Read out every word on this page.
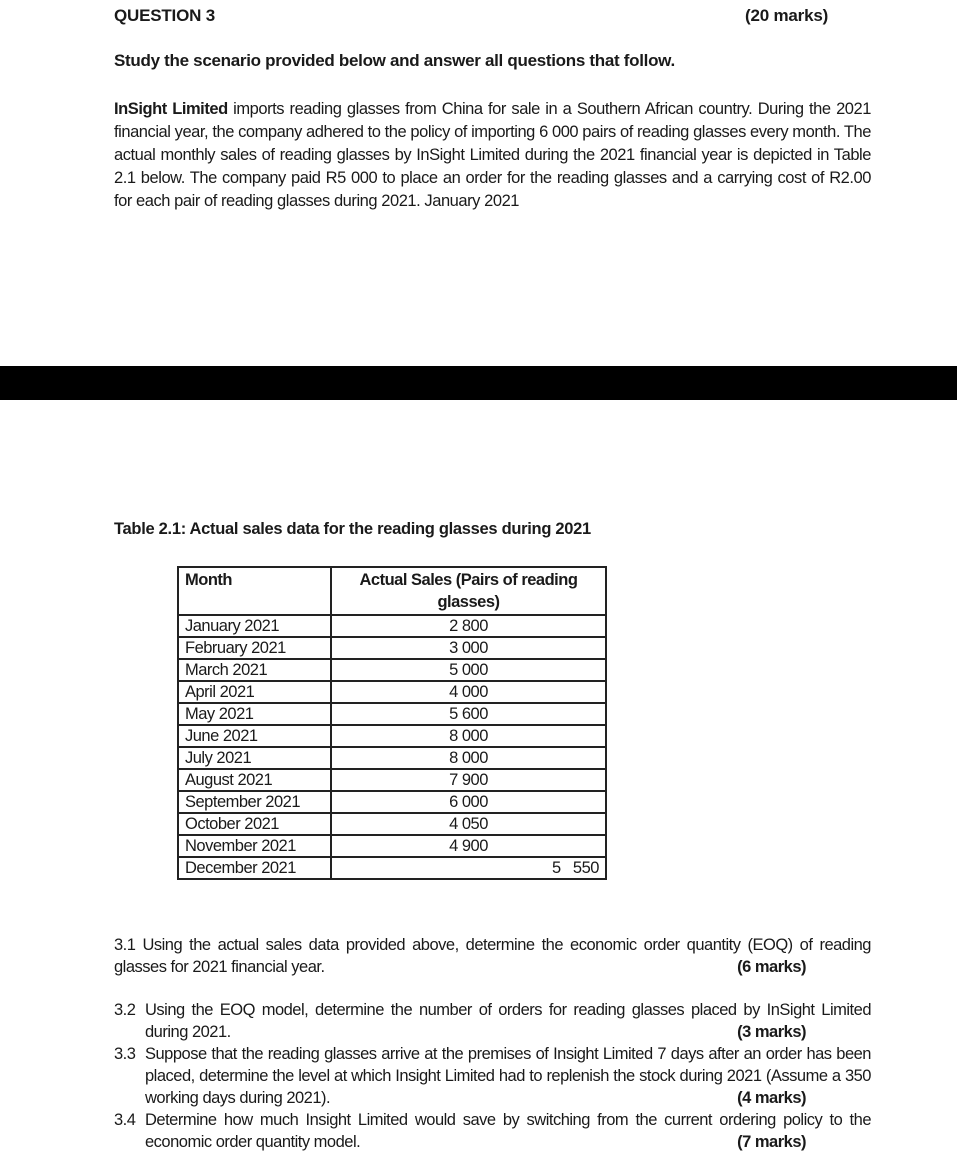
QUESTION 3	(20 marks)
Study the scenario provided below and answer all questions that follow.
InSight Limited imports reading glasses from China for sale in a Southern African country. During the 2021 financial year, the company adhered to the policy of importing 6 000 pairs of reading glasses every month. The actual monthly sales of reading glasses by InSight Limited during the 2021 financial year is depicted in Table 2.1 below. The company paid R5 000 to place an order for the reading glasses and a carrying cost of R2.00 for each pair of reading glasses during 2021. January 2021
Table 2.1: Actual sales data for the reading glasses during 2021
Month	Actual Sales (Pairs of reading glasses)
January 2021	2 800
February 2021	3 000
March 2021	5 000
April 2021	4 000
May 2021	5 600
June 2021	8 000
July 2021	8 000
August 2021	7 900
September 2021	6 000
October 2021	4 050
November 2021	4 900
December 2021	5   550
3.1 Using the actual sales data provided above, determine the economic order quantity (EOQ) of reading glasses for 2021 financial year.	(6 marks)
3.2 Using the EOQ model, determine the number of orders for reading glasses placed by InSight Limited during 2021.	(3 marks)
3.3 Suppose that the reading glasses arrive at the premises of Insight Limited 7 days after an order has been placed, determine the level at which Insight Limited had to replenish the stock during 2021 (Assume a 350 working days during 2021).	(4 marks)
3.4 Determine how much Insight Limited would save by switching from the current ordering policy to the economic order quantity model.	(7 marks)
